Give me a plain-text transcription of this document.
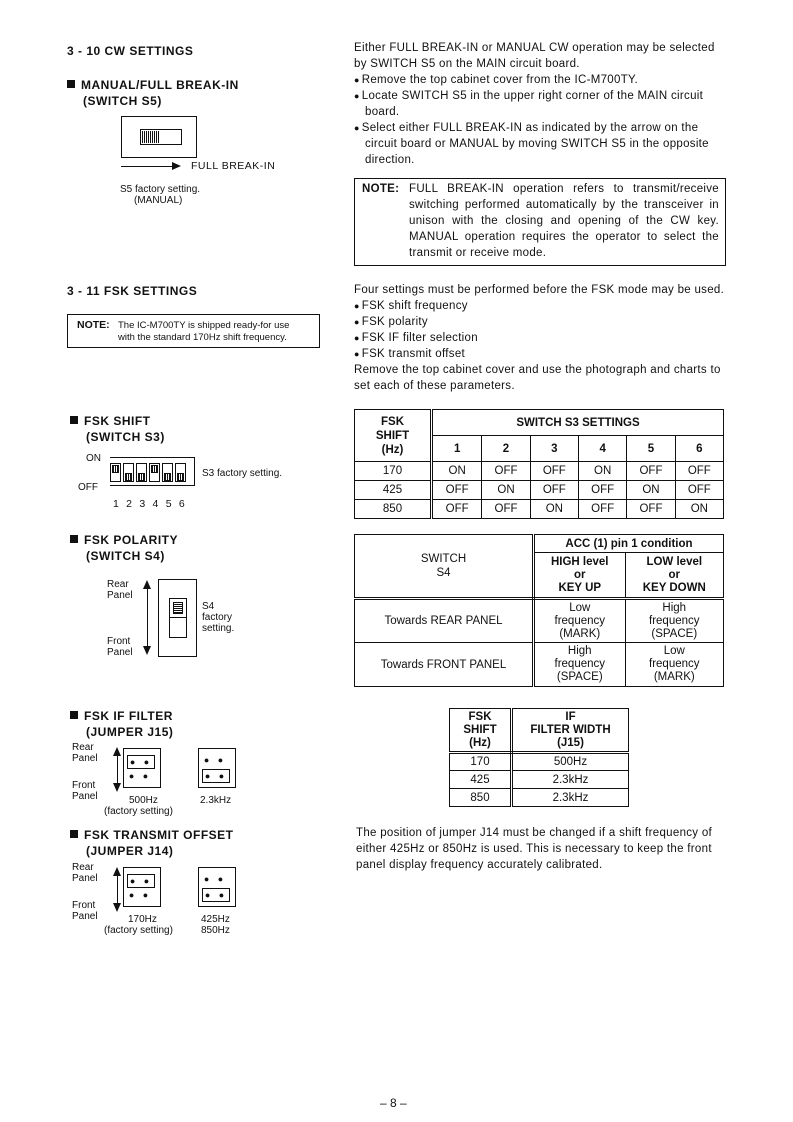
3 - 10 CW SETTINGS
MANUAL/FULL BREAK-IN
(SWITCH S5)
FULL BREAK-IN
S5 factory setting.
(MANUAL)
3 - 11 FSK SETTINGS
NOTE: The IC-M700TY is shipped ready-for use
with the standard 170Hz shift frequency.
FSK SHIFT
(SWITCH S3)
ON
OFF
S3 factory setting.
1  2  3  4  5  6
FSK POLARITY
(SWITCH S4)
Rear
Panel
Front
Panel
S4
factory
setting.
FSK IF FILTER
(JUMPER J15)
Rear
Panel
Front
Panel
● ●
● ●
● ●
● ●
500Hz	2.3kHz
(factory setting)
FSK TRANSMIT OFFSET
(JUMPER J14)
Rear
Panel
Front
Panel
● ●
● ●
● ●
● ●
170Hz	425Hz
850Hz
(factory setting)
Either FULL BREAK-IN or MANUAL CW operation may be selected by SWITCH S5 on the MAIN circuit board.
● Remove the top cabinet cover from the IC-M700TY.
● Locate SWITCH S5 in the upper right corner of the MAIN circuit board.
● Select either FULL BREAK-IN as indicated by the arrow on the circuit board or MANUAL by moving SWITCH S5 in the opposite direction.
NOTE: FULL BREAK-IN operation refers to transmit/receive switching performed automatically by the transceiver in unison with the closing and opening of the CW key. MANUAL operation requires the operator to select the transmit or receive mode.
Four settings must be performed before the FSK mode may be used.
● FSK shift frequency
● FSK polarity
● FSK IF filter selection
● FSK transmit offset
Remove the top cabinet cover and use the photograph and charts to set each of these parameters.
FSK
SHIFT
(Hz)	SWITCH S3 SETTINGS					
	1	2	3	4	5	6
170	ON	OFF	OFF	ON	OFF	OFF
425	OFF	ON	OFF	OFF	ON	OFF
850	OFF	OFF	ON	OFF	OFF	ON
SWITCH
S4	ACC (1) pin 1 condition	
	HIGH level
or
KEY UP	LOW level
or
KEY DOWN
Towards REAR PANEL	Low
frequency
(MARK)	High
frequency
(SPACE)
Towards FRONT PANEL	High
frequency
(SPACE)	Low
frequency
(MARK)
FSK
SHIFT
(Hz)	IF
FILTER WIDTH
(J15)
170	500Hz
425	2.3kHz
850	2.3kHz
The position of jumper J14 must be changed if a shift frequency of either 425Hz or 850Hz is used. This is necessary to keep the front panel display frequency accurately calibrated.
– 8 –
